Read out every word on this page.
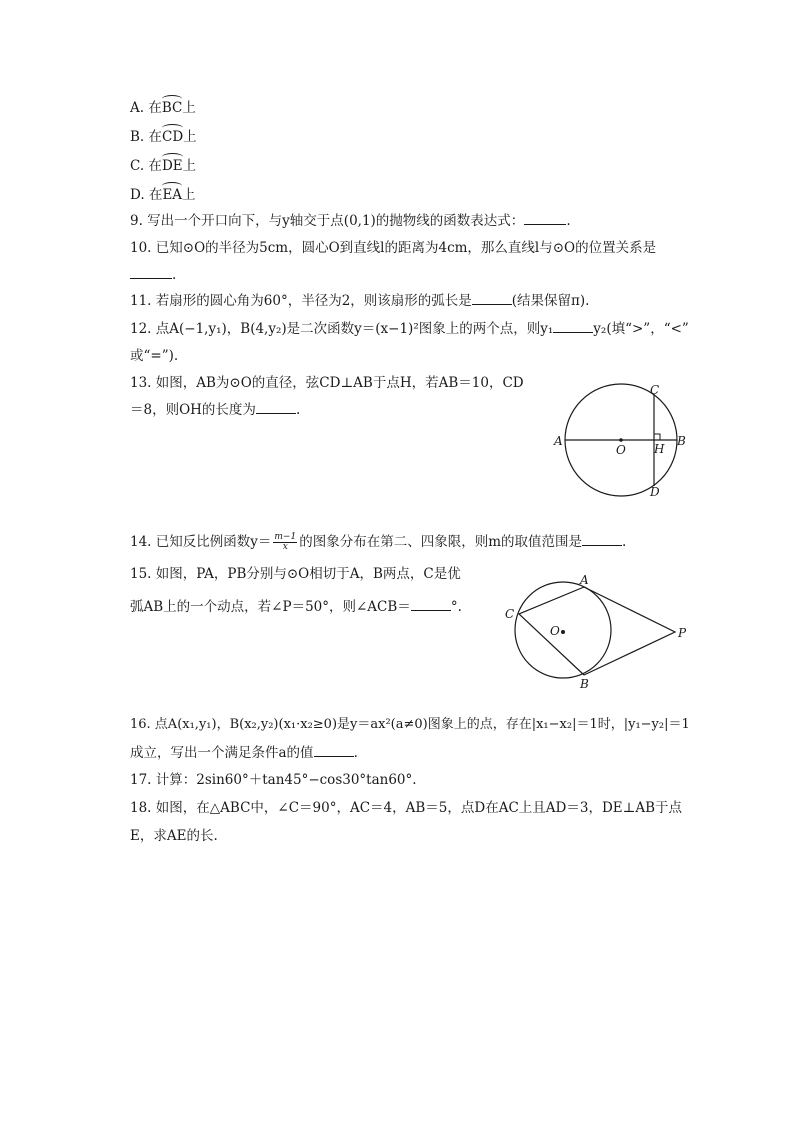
A. 在BC上
B. 在CD上
C. 在DE上
D. 在EA上
9. 写出一个开口向下，与y轴交于点(0,1)的抛物线的函数表达式：	.
10. 已知⊙O的半径为5cm，圆心O到直线l的距离为4cm，那么直线l与⊙O的位置关系是
.
11. 若扇形的圆心角为60°，半径为2，则该扇形的弧长是	(结果保留π).
12. 点A(−1,y₁)，B(4,y₂)是二次函数y＝(x−1)²图象上的两个点，则y₁	y₂(填“>”，“<”
或“=”).
13. 如图，AB为⊙O的直径，弦CD⊥AB于点H，若AB＝10，CD
＝8，则OH的长度为	.
A	B
C
D
O H
14. 已知反比例函数$y= \frac{m-1}{x}$ 的图象分布在第二、四象限，则m的取值范围是	.
15. 如图，PA，PB分别与⊙O相切于A，B两点，C是优
弧AB上的一个动点，若∠P＝50°，则∠ACB＝	°.
A
B
C
O	P
16. 点A(x₁,y₁)，B(x₂,y₂)(x₁·x₂≥0)是y＝ax²(a≠0)图象上的点，存在|x₁−x₂|＝1时，|y₁−y₂|＝1
成立，写出一个满足条件a的值	.
17. 计算：2sin60°＋tan45°−cos30°tan60°.
18. 如图，在△ABC中，∠C＝90°，AC＝4，AB＝5，点D在AC上且AD＝3，DE⊥AB于点
E，求AE的长.
